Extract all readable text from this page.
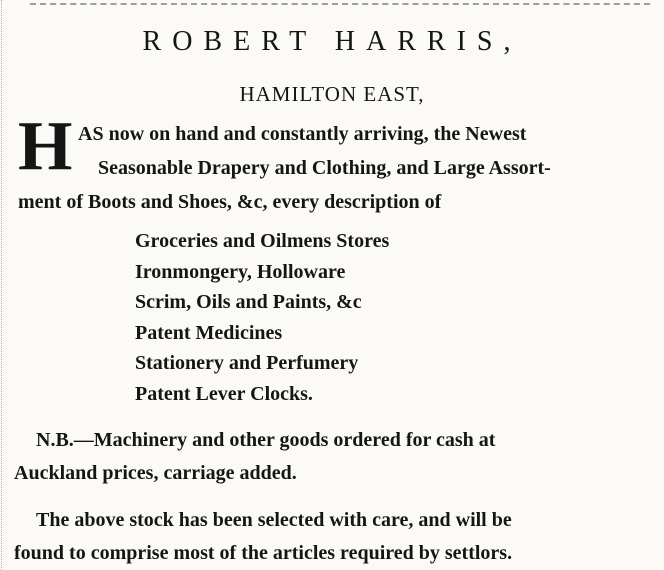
ROBERT HARRIS,
HAMILTON EAST,
H AS now on hand and constantly arriving, the Newest
Seasonable Drapery and Clothing, and Large Assort-
ment of Boots and Shoes, &c, every description of
Groceries and Oilmens Stores
Ironmongery, Holloware
Scrim, Oils and Paints, &c
Patent Medicines
Stationery and Perfumery
Patent Lever Clocks.
N.B.—Machinery and other goods ordered for cash at
Auckland prices, carriage added.
The above stock has been selected with care, and will be
found to comprise most of the articles required by settlors.
